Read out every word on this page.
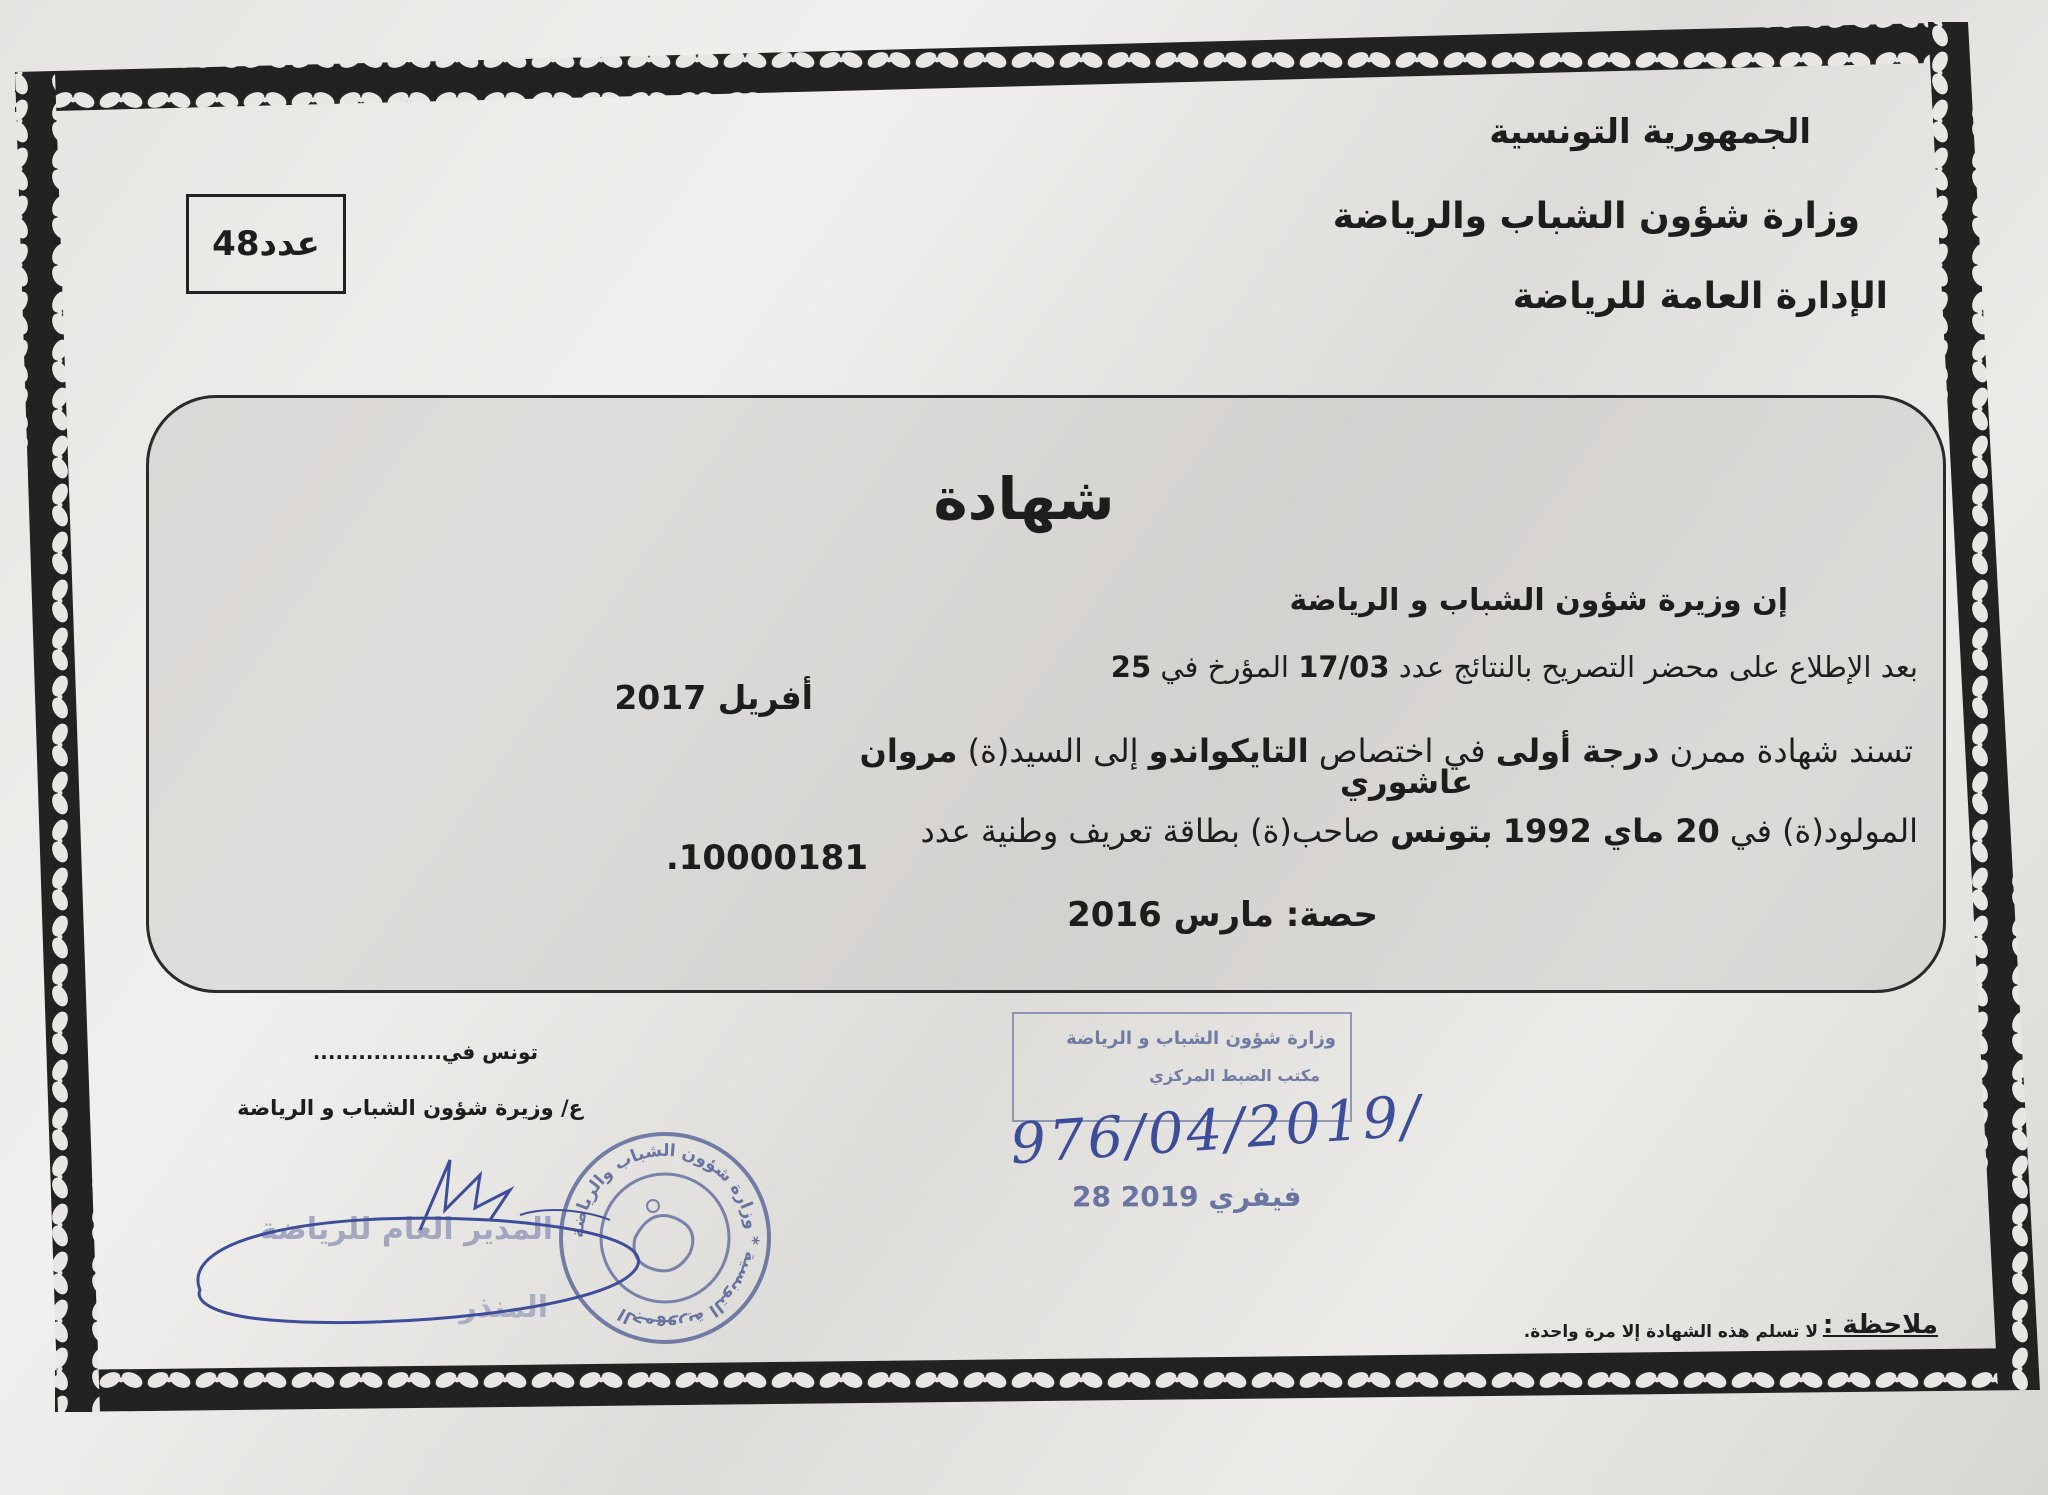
الجمهورية التونسية
وزارة شؤون الشباب والرياضة
الإدارة العامة للرياضة
عدد48
شهادة
إن وزيرة شؤون الشباب و الرياضة
بعد الإطلاع على محضر التصريح بالنتائج عدد 17/03 المؤرخ في 25
أفريل 2017
تسند شهادة ممرن درجة أولى في اختصاص التايكواندو إلى السيد(ة) مروان
عاشوري
المولود(ة) في 20 ماي 1992 بتونس صاحب(ة) بطاقة تعريف وطنية عدد
10000181.
حصة: مارس 2016
تونس في.................
ع/ وزيرة شؤون الشباب و الرياضة
وزارة شؤون الشباب و الرياضة
مكتب الضبط المركزي
976/04/2019/
28 فيفري 2019
المدير العام للرياضة
المنذر
الجمهورية التونسية * وزارة شؤون الشباب والرياضة	ملاحظة :
لا تسلم هذه الشهادة إلا مرة واحدة.
